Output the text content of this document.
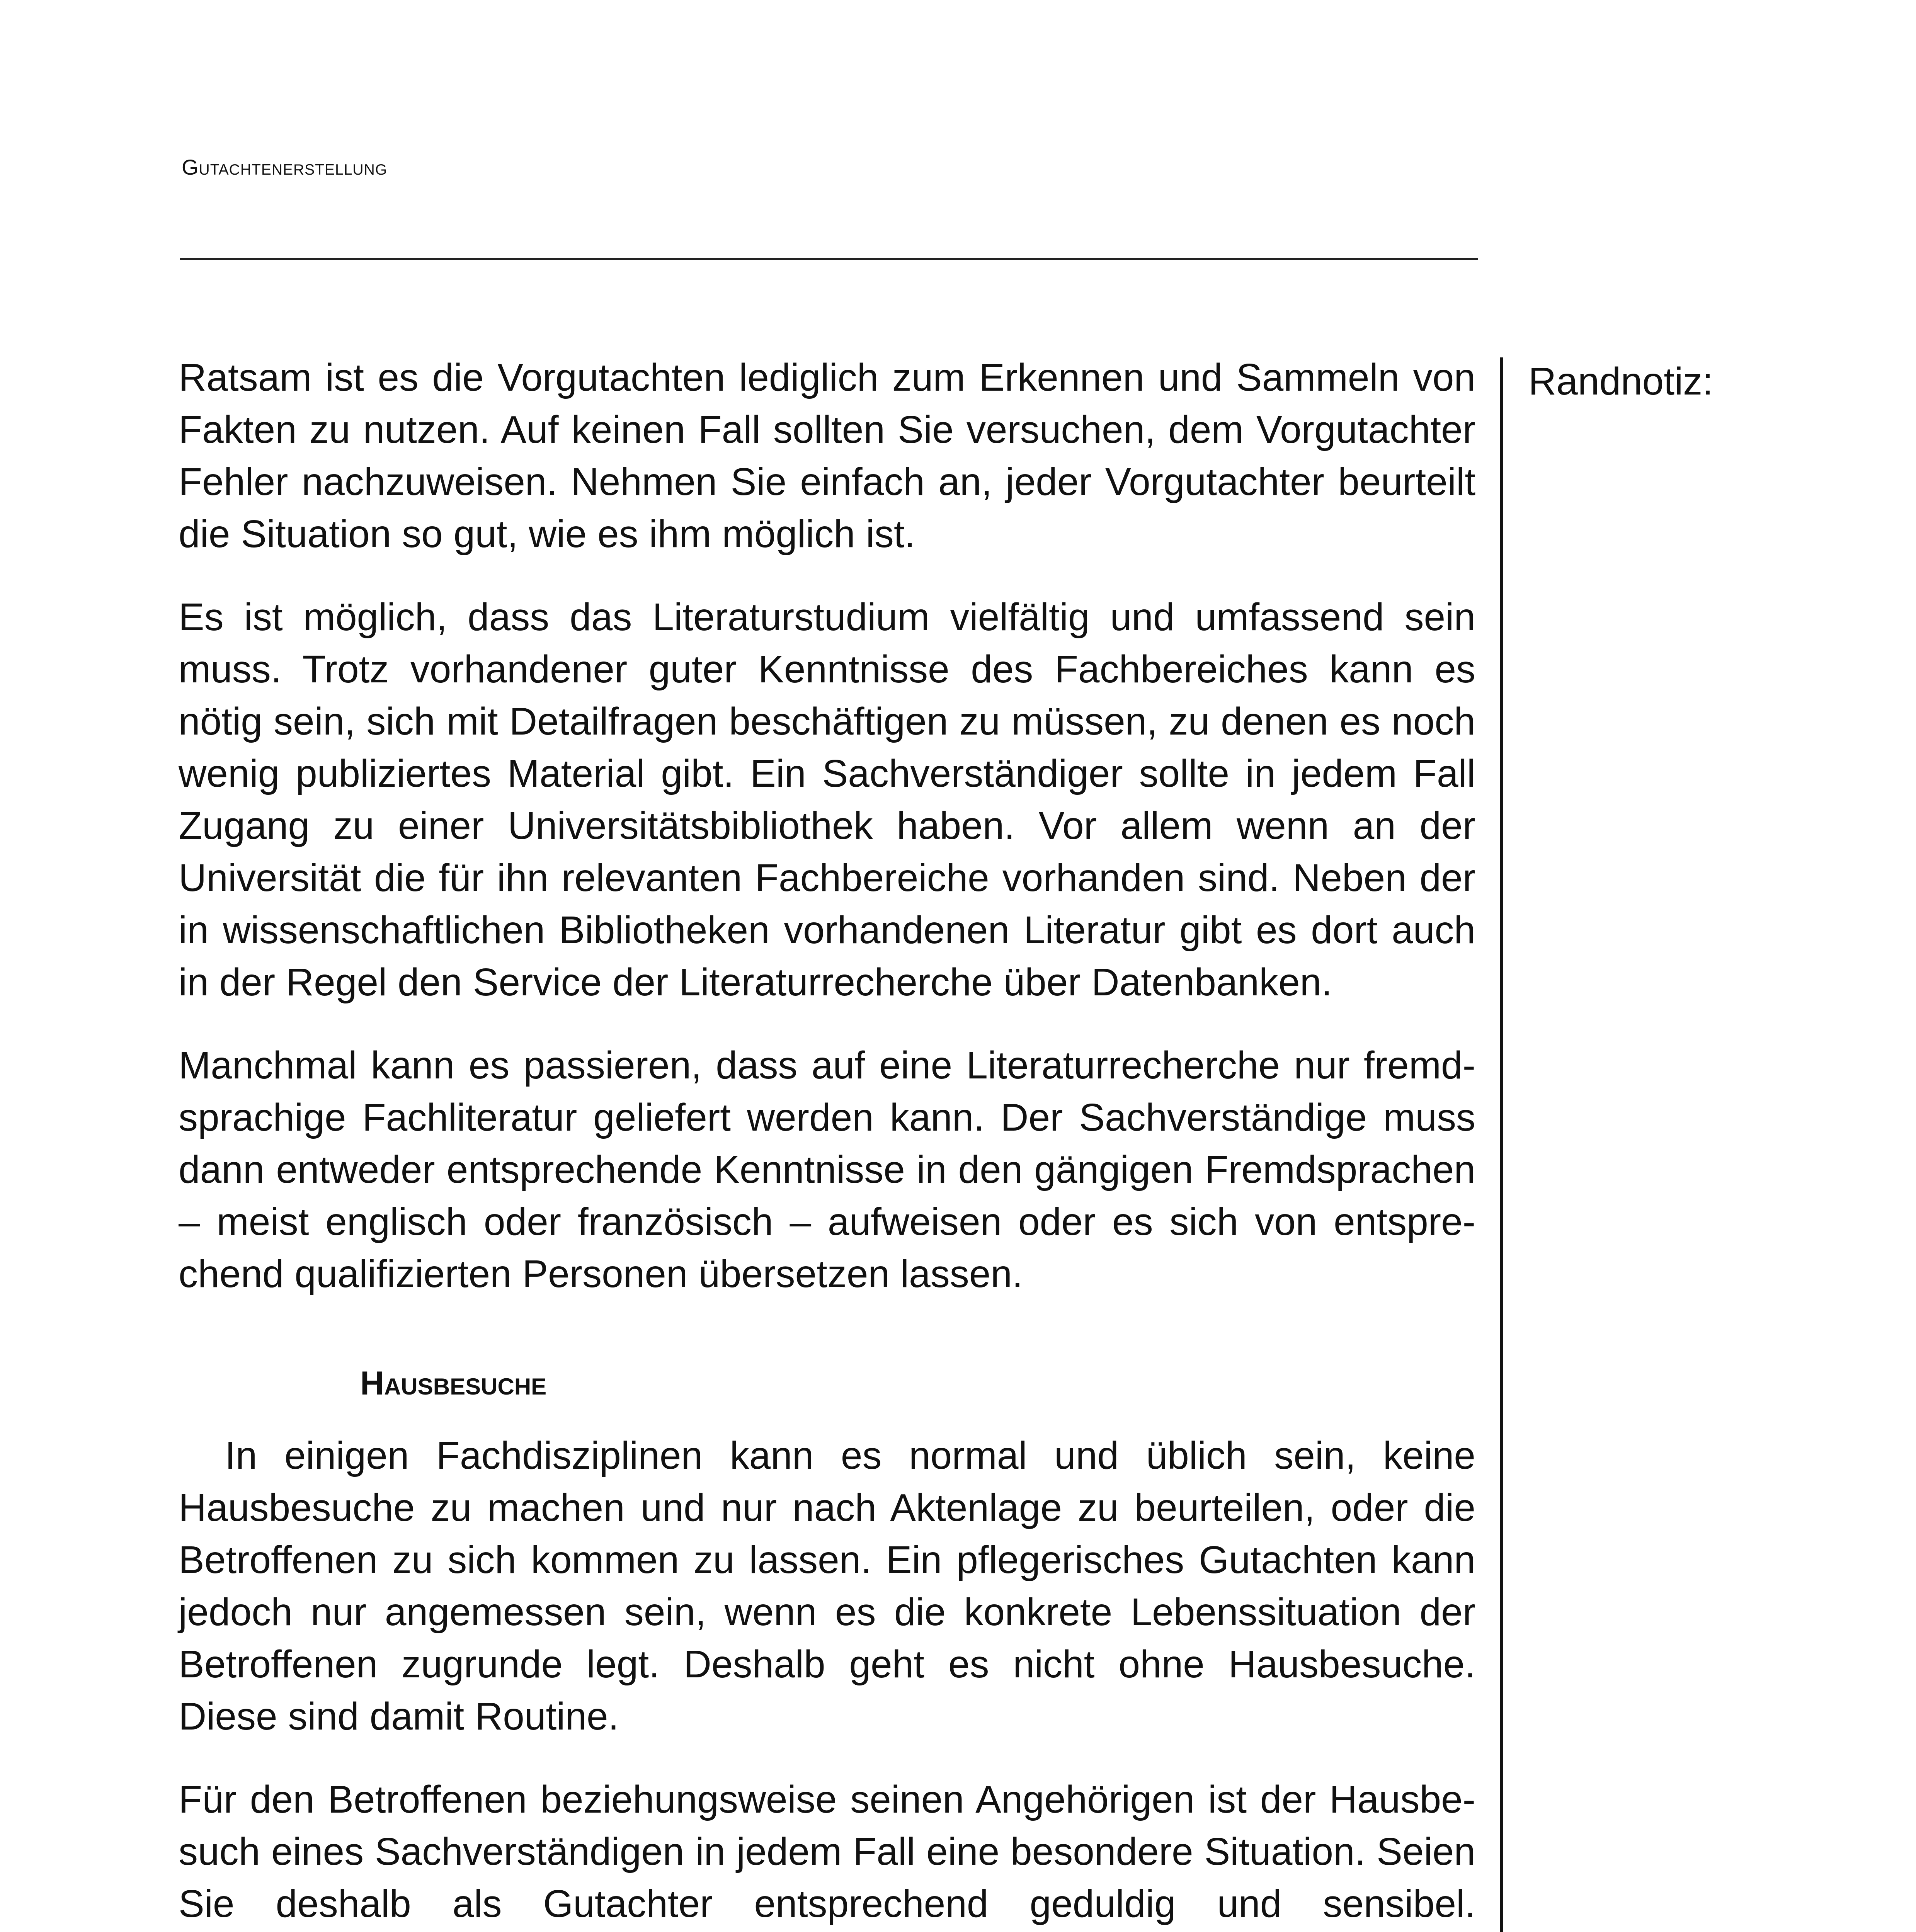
Gutachtenerstellung
Randnotiz:

Ratsam ist es die Vorgutachten lediglich zum Erkennen und Sammeln von Fakten zu nutzen. Auf keinen Fall sollten Sie versuchen, dem Vorgutachter Fehler nachzuweisen. Nehmen Sie einfach an, jeder Vorgutachter beurteilt die Situation so gut, wie es ihm möglich ist.

Es ist möglich, dass das Literaturstudium vielfältig und umfassend sein muss. Trotz vorhandener guter Kenntnisse des Fachbereiches kann es nötig sein, sich mit Detailfragen beschäftigen zu müssen, zu denen es noch wenig publiziertes Material gibt. Ein Sachverständiger sollte in jedem Fall Zugang zu einer Universitätsbibliothek haben. Vor allem wenn an der Universität die für ihn relevanten Fachbereiche vorhanden sind. Neben der in wissenschaftlichen Bibliotheken vorhandenen Literatur gibt es dort auch in der Regel den Service der Literaturrecherche über Datenbanken.

Manchmal kann es passieren, dass auf eine Literaturrecherche nur fremdsprachige Fachliteratur geliefert werden kann. Der Sachverständige muss dann entweder entsprechende Kenntnisse in den gängigen Fremdsprachen – meist englisch oder französisch – aufweisen oder es sich von entsprechend qualifizierten Personen übersetzen lassen.

Hausbesuche

In einigen Fachdisziplinen kann es normal und üblich sein, keine Hausbesuche zu machen und nur nach Aktenlage zu beurteilen, oder die Betroffenen zu sich kommen zu lassen. Ein pflegerisches Gutachten kann jedoch nur angemessen sein, wenn es die konkrete Lebenssituation der Betroffenen zugrunde legt. Deshalb geht es nicht ohne Hausbesuche. Diese sind damit Routine.

Für den Betroffenen beziehungsweise seinen Angehörigen ist der Hausbesuch eines Sachverständigen in jedem Fall eine besondere Situation. Seien Sie deshalb als Gutachter entsprechend geduldig und sensibel.
